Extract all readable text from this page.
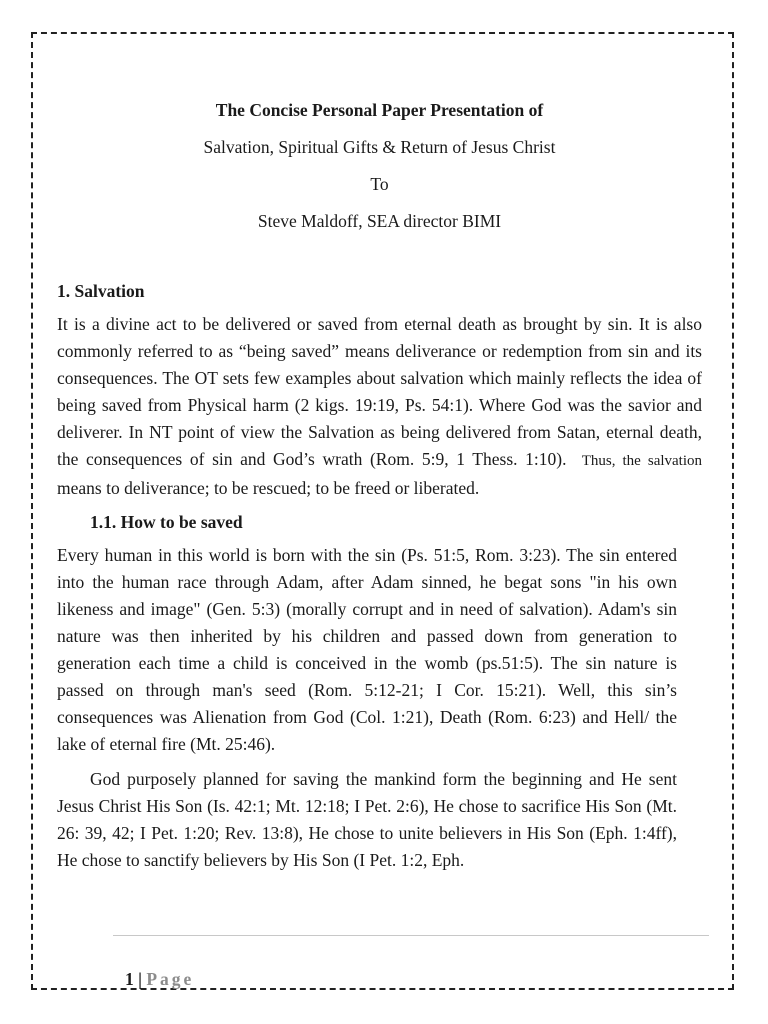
The Concise Personal Paper Presentation of
Salvation, Spiritual Gifts & Return of Jesus Christ
To
Steve Maldoff, SEA director BIMI
1. Salvation

It is a divine act to be delivered or saved from eternal death as brought by sin. It is also commonly referred to as “being saved” means deliverance or redemption from sin and its consequences. The OT sets few examples about salvation which mainly reflects the idea of being saved from Physical harm (2 kigs. 19:19, Ps. 54:1). Where God was the savior and deliverer. In NT point of view the Salvation as being delivered from Satan, eternal death, the consequences of sin and God’s wrath (Rom. 5:9, 1 Thess. 1:10). Thus, the salvation means to deliverance; to be rescued; to be freed or liberated.

1.1. How to be saved

Every human in this world is born with the sin (Ps. 51:5, Rom. 3:23). The sin entered into the human race through Adam, after Adam sinned, he begat sons "in his own likeness and image" (Gen. 5:3) (morally corrupt and in need of salvation). Adam's sin nature was then inherited by his children and passed down from generation to generation each time a child is conceived in the womb (ps.51:5). The sin nature is passed on through man's seed (Rom. 5:12-21; I Cor. 15:21). Well, this sin’s consequences was Alienation from God (Col. 1:21), Death (Rom. 6:23) and Hell/ the lake of eternal fire (Mt. 25:46).

God purposely planned for saving the mankind form the beginning and He sent Jesus Christ His Son (Is. 42:1; Mt. 12:18; I Pet. 2:6), He chose to sacrifice His Son (Mt. 26: 39, 42; I Pet. 1:20; Rev. 13:8), He chose to unite believers in His Son (Eph. 1:4ff), He chose to sanctify believers by His Son (I Pet. 1:2, Eph.

1 | Page
